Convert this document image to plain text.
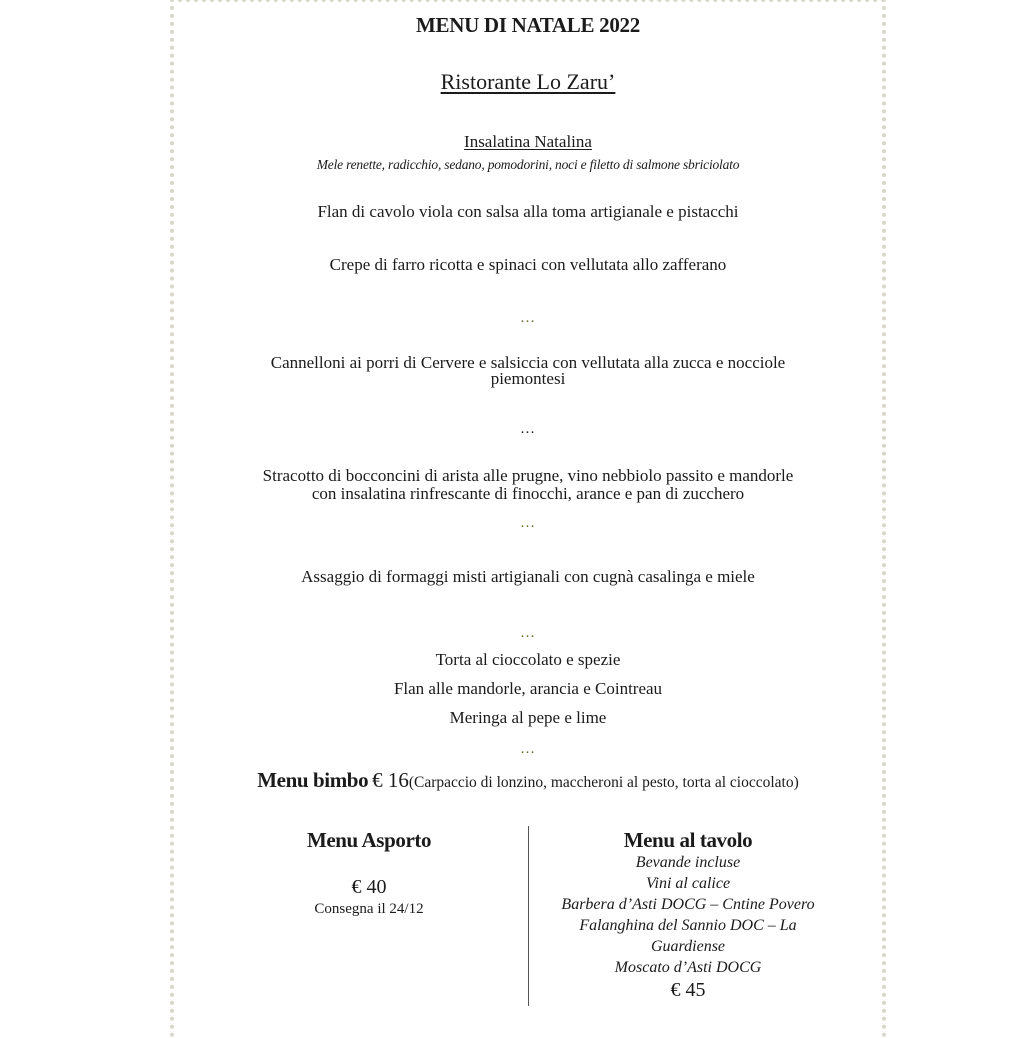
MENU DI NATALE 2022
Ristorante Lo Zaru’
Insalatina Natalina
Mele renette, radicchio, sedano, pomodorini, noci e filetto di salmone sbriciolato
Flan di cavolo viola con salsa alla toma artigianale e pistacchi
Crepe di farro ricotta e spinaci con vellutata allo zafferano
…
Cannelloni ai porri di Cervere e salsiccia con vellutata alla zucca e nocciole
piemontesi
…
Stracotto di bocconcini di arista alle prugne, vino nebbiolo passito e mandorle
con insalatina rinfrescante di finocchi, arance e pan di zucchero
…
Assaggio di formaggi misti artigianali con cugnà casalinga e miele
…
Torta al cioccolato e spezie
Flan alle mandorle, arancia e Cointreau
Meringa al pepe e lime
…
Menu bimbo € 16(Carpaccio di lonzino, maccheroni al pesto, torta al cioccolato)
Menu Asporto
€ 40
Consegna il 24/12
Menu al tavolo
Bevande incluse
Vini al calice
Barbera d’Asti DOCG – Cntine Povero
Falanghina del Sannio DOC – La
Guardiense
Moscato d’Asti DOCG
€ 45
